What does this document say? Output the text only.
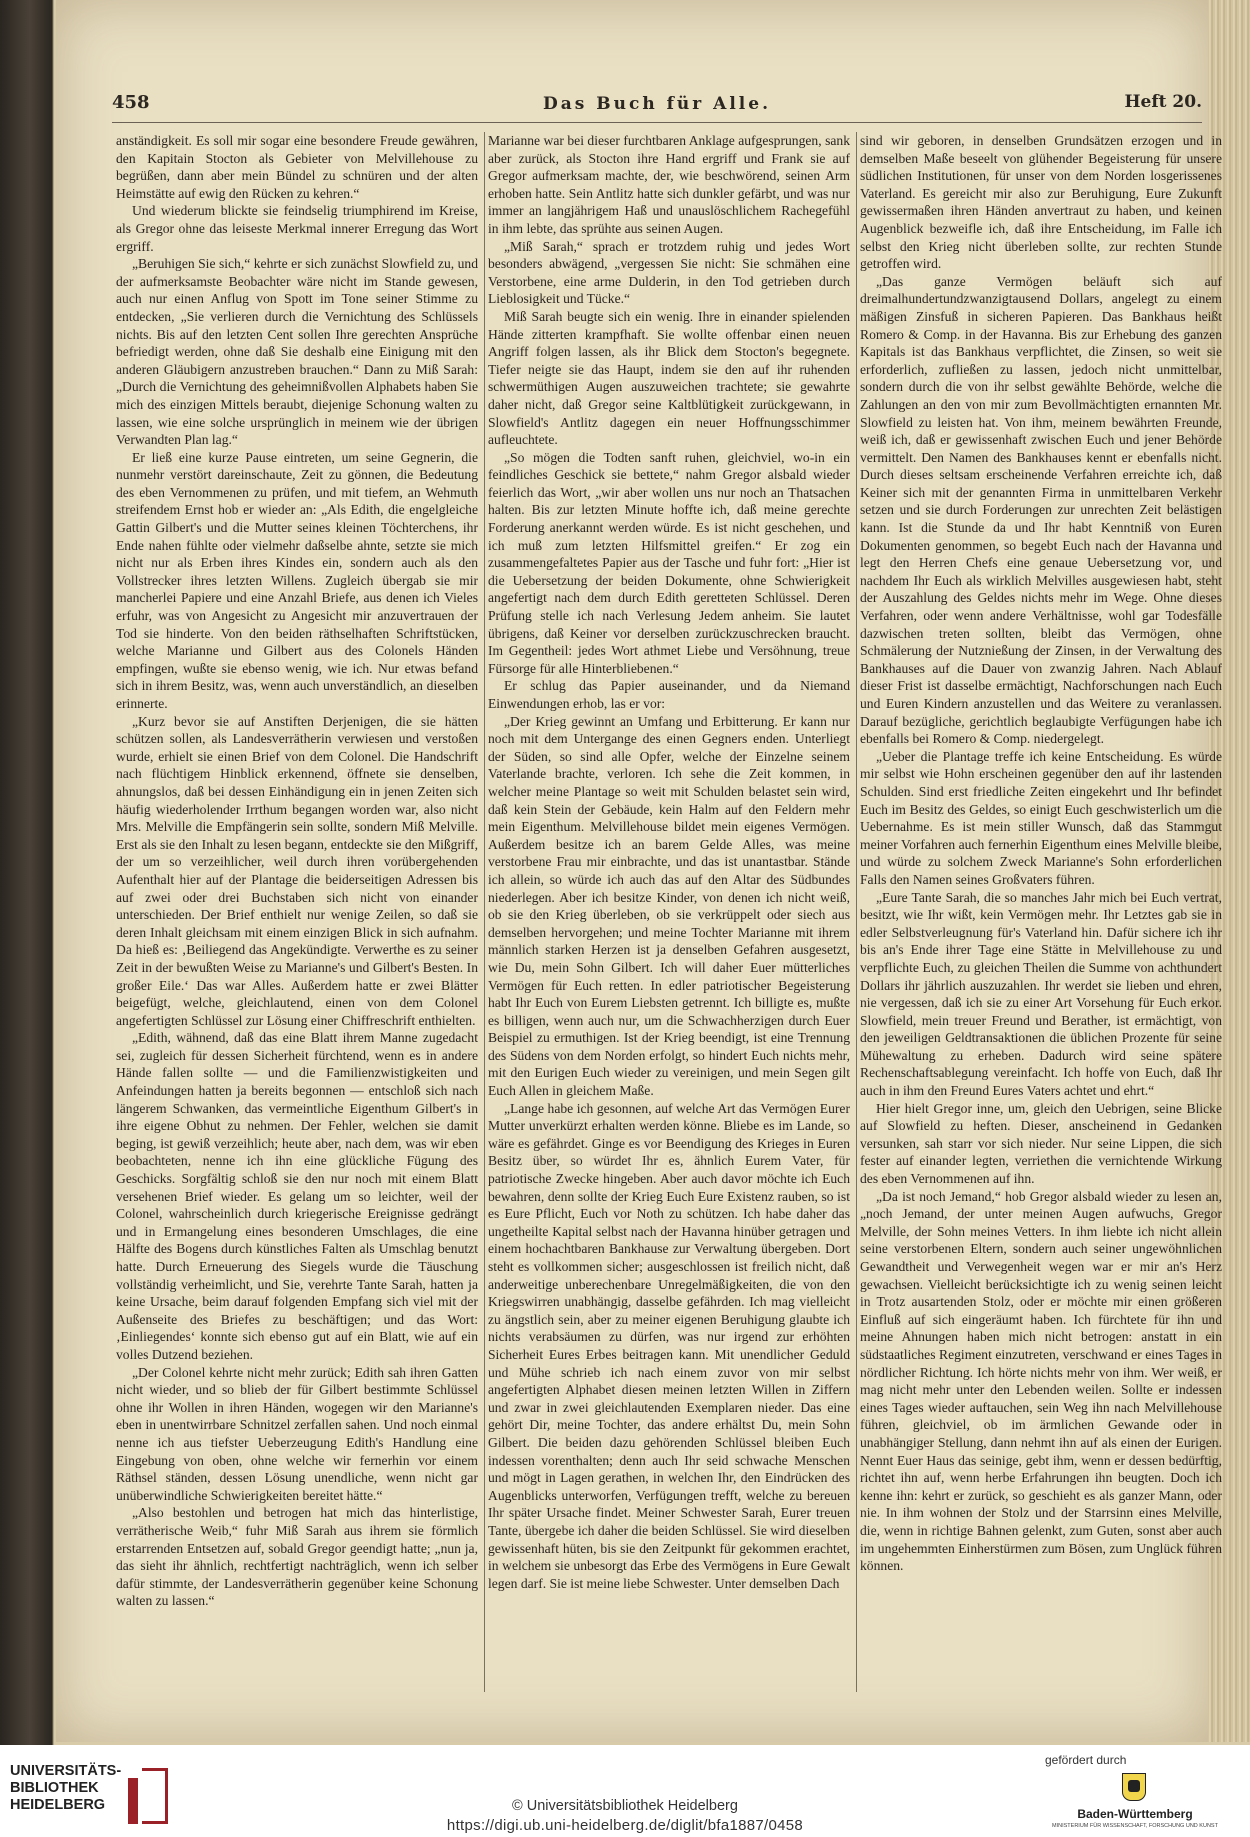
458	Das Buch für Alle.	Heft 20.

anständigkeit. Es soll mir sogar eine besondere Freude gewähren, den Kapitain Stocton als Gebieter von Melvillehouse zu begrüßen, dann aber mein Bündel zu schnüren und der alten Heimstätte auf ewig den Rücken zu kehren.“

Und wiederum blickte sie feindselig triumphirend im Kreise, als Gregor ohne das leiseste Merkmal innerer Erregung das Wort ergriff.

„Beruhigen Sie sich,“ kehrte er sich zunächst Slowfield zu, und der aufmerksamste Beobachter wäre nicht im Stande gewesen, auch nur einen Anflug von Spott im Tone seiner Stimme zu entdecken, „Sie verlieren durch die Vernichtung des Schlüssels nichts. Bis auf den letzten Cent sollen Ihre gerechten Ansprüche befriedigt werden, ohne daß Sie deshalb eine Einigung mit den anderen Gläubigern anzustreben brauchen.“ Dann zu Miß Sarah: „Durch die Vernichtung des geheimnißvollen Alphabets haben Sie mich des einzigen Mittels beraubt, diejenige Schonung walten zu lassen, wie eine solche ursprünglich in meinem wie der übrigen Verwandten Plan lag.“

Er ließ eine kurze Pause eintreten, um seine Gegnerin, die nunmehr verstört dareinschaute, Zeit zu gönnen, die Bedeutung des eben Vernommenen zu prüfen, und mit tiefem, an Wehmuth streifendem Ernst hob er wieder an: „Als Edith, die engelgleiche Gattin Gilbert's und die Mutter seines kleinen Töchterchens, ihr Ende nahen fühlte oder vielmehr daßselbe ahnte, setzte sie mich nicht nur als Erben ihres Kindes ein, sondern auch als den Vollstrecker ihres letzten Willens. Zugleich übergab sie mir mancherlei Papiere und eine Anzahl Briefe, aus denen ich Vieles erfuhr, was von Angesicht zu Angesicht mir anzuvertrauen der Tod sie hinderte. Von den beiden räthselhaften Schriftstücken, welche Marianne und Gilbert aus des Colonels Händen empfingen, wußte sie ebenso wenig, wie ich. Nur etwas befand sich in ihrem Besitz, was, wenn auch unverständlich, an dieselben erinnerte.

„Kurz bevor sie auf Anstiften Derjenigen, die sie hätten schützen sollen, als Landesverrätherin verwiesen und verstoßen wurde, erhielt sie einen Brief von dem Colonel. Die Handschrift nach flüchtigem Hinblick erkennend, öffnete sie denselben, ahnungslos, daß bei dessen Einhändigung ein in jenen Zeiten sich häufig wiederholender Irrthum begangen worden war, also nicht Mrs. Melville die Empfängerin sein sollte, sondern Miß Melville. Erst als sie den Inhalt zu lesen begann, entdeckte sie den Mißgriff, der um so verzeihlicher, weil durch ihren vorübergehenden Aufenthalt hier auf der Plantage die beiderseitigen Adressen bis auf zwei oder drei Buchstaben sich nicht von einander unterschieden. Der Brief enthielt nur wenige Zeilen, so daß sie deren Inhalt gleichsam mit einem einzigen Blick in sich aufnahm. Da hieß es: ‚Beiliegend das Angekündigte. Verwerthe es zu seiner Zeit in der bewußten Weise zu Marianne's und Gilbert's Besten. In großer Eile.‘ Das war Alles. Außerdem hatte er zwei Blätter beigefügt, welche, gleichlautend, einen von dem Colonel angefertigten Schlüssel zur Lösung einer Chiffreschrift enthielten.

„Edith, wähnend, daß das eine Blatt ihrem Manne zugedacht sei, zugleich für dessen Sicherheit fürchtend, wenn es in andere Hände fallen sollte — und die Familienzwistigkeiten und Anfeindungen hatten ja bereits begonnen — entschloß sich nach längerem Schwanken, das vermeintliche Eigenthum Gilbert's in ihre eigene Obhut zu nehmen. Der Fehler, welchen sie damit beging, ist gewiß verzeihlich; heute aber, nach dem, was wir eben beobachteten, nenne ich ihn eine glückliche Fügung des Geschicks. Sorgfältig schloß sie den nur noch mit einem Blatt versehenen Brief wieder. Es gelang um so leichter, weil der Colonel, wahrscheinlich durch kriegerische Ereignisse gedrängt und in Ermangelung eines besonderen Umschlages, die eine Hälfte des Bogens durch künstliches Falten als Umschlag benutzt hatte. Durch Erneuerung des Siegels wurde die Täuschung vollständig verheimlicht, und Sie, verehrte Tante Sarah, hatten ja keine Ursache, beim darauf folgenden Empfang sich viel mit der Außenseite des Briefes zu beschäftigen; und das Wort: ‚Einliegendes‘ konnte sich ebenso gut auf ein Blatt, wie auf ein volles Dutzend beziehen.

„Der Colonel kehrte nicht mehr zurück; Edith sah ihren Gatten nicht wieder, und so blieb der für Gilbert bestimmte Schlüssel ohne ihr Wollen in ihren Händen, wogegen wir den Marianne's eben in unentwirrbare Schnitzel zerfallen sahen. Und noch einmal nenne ich aus tiefster Ueberzeugung Edith's Handlung eine Eingebung von oben, ohne welche wir fernerhin vor einem Räthsel ständen, dessen Lösung unendliche, wenn nicht gar unüberwindliche Schwierigkeiten bereitet hätte.“

„Also bestohlen und betrogen hat mich das hinterlistige, verrätherische Weib,“ fuhr Miß Sarah aus ihrem sie förmlich erstarrenden Entsetzen auf, sobald Gregor geendigt hatte; „nun ja, das sieht ihr ähnlich, rechtfertigt nachträglich, wenn ich selber dafür stimmte, der Landesverrätherin gegenüber keine Schonung walten zu lassen.“

Marianne war bei dieser furchtbaren Anklage aufgesprungen, sank aber zurück, als Stocton ihre Hand ergriff und Frank sie auf Gregor aufmerksam machte, der, wie beschwörend, seinen Arm erhoben hatte. Sein Antlitz hatte sich dunkler gefärbt, und was nur immer an langjährigem Haß und unauslöschlichem Rachegefühl in ihm lebte, das sprühte aus seinen Augen.

„Miß Sarah,“ sprach er trotzdem ruhig und jedes Wort besonders abwägend, „vergessen Sie nicht: Sie schmähen eine Verstorbene, eine arme Dulderin, in den Tod getrieben durch Lieblosigkeit und Tücke.“

Miß Sarah beugte sich ein wenig. Ihre in einander spielenden Hände zitterten krampfhaft. Sie wollte offenbar einen neuen Angriff folgen lassen, als ihr Blick dem Stocton's begegnete. Tiefer neigte sie das Haupt, indem sie den auf ihr ruhenden schwermüthigen Augen auszuweichen trachtete; sie gewahrte daher nicht, daß Gregor seine Kaltblütigkeit zurückgewann, in Slowfield's Antlitz dagegen ein neuer Hoffnungsschimmer aufleuchtete.

„So mögen die Todten sanft ruhen, gleichviel, wo-in ein feindliches Geschick sie bettete,“ nahm Gregor alsbald wieder feierlich das Wort, „wir aber wollen uns nur noch an Thatsachen halten. Bis zur letzten Minute hoffte ich, daß meine gerechte Forderung anerkannt werden würde. Es ist nicht geschehen, und ich muß zum letzten Hilfsmittel greifen.“ Er zog ein zusammengefaltetes Papier aus der Tasche und fuhr fort: „Hier ist die Uebersetzung der beiden Dokumente, ohne Schwierigkeit angefertigt nach dem durch Edith geretteten Schlüssel. Deren Prüfung stelle ich nach Verlesung Jedem anheim. Sie lautet übrigens, daß Keiner vor derselben zurückzuschrecken braucht. Im Gegentheil: jedes Wort athmet Liebe und Versöhnung, treue Fürsorge für alle Hinterbliebenen.“

Er schlug das Papier auseinander, und da Niemand Einwendungen erhob, las er vor:

„Der Krieg gewinnt an Umfang und Erbitterung. Er kann nur noch mit dem Untergange des einen Gegners enden. Unterliegt der Süden, so sind alle Opfer, welche der Einzelne seinem Vaterlande brachte, verloren. Ich sehe die Zeit kommen, in welcher meine Plantage so weit mit Schulden belastet sein wird, daß kein Stein der Gebäude, kein Halm auf den Feldern mehr mein Eigenthum. Melvillehouse bildet mein eigenes Vermögen. Außerdem besitze ich an barem Gelde Alles, was meine verstorbene Frau mir einbrachte, und das ist unantastbar. Stände ich allein, so würde ich auch das auf den Altar des Südbundes niederlegen. Aber ich besitze Kinder, von denen ich nicht weiß, ob sie den Krieg überleben, ob sie verkrüppelt oder siech aus demselben hervorgehen; und meine Tochter Marianne mit ihrem männlich starken Herzen ist ja denselben Gefahren ausgesetzt, wie Du, mein Sohn Gilbert. Ich will daher Euer mütterliches Vermögen für Euch retten. In edler patriotischer Begeisterung habt Ihr Euch von Eurem Liebsten getrennt. Ich billigte es, mußte es billigen, wenn auch nur, um die Schwachherzigen durch Euer Beispiel zu ermuthigen. Ist der Krieg beendigt, ist eine Trennung des Südens von dem Norden erfolgt, so hindert Euch nichts mehr, mit den Eurigen Euch wieder zu vereinigen, und mein Segen gilt Euch Allen in gleichem Maße.

„Lange habe ich gesonnen, auf welche Art das Vermögen Eurer Mutter unverkürzt erhalten werden könne. Bliebe es im Lande, so wäre es gefährdet. Ginge es vor Beendigung des Krieges in Euren Besitz über, so würdet Ihr es, ähnlich Eurem Vater, für patriotische Zwecke hingeben. Aber auch davor möchte ich Euch bewahren, denn sollte der Krieg Euch Eure Existenz rauben, so ist es Eure Pflicht, Euch vor Noth zu schützen. Ich habe daher das ungetheilte Kapital selbst nach der Havanna hinüber getragen und einem hochachtbaren Bankhause zur Verwaltung übergeben. Dort steht es vollkommen sicher; ausgeschlossen ist freilich nicht, daß anderweitige unberechenbare Unregelmäßigkeiten, die von den Kriegswirren unabhängig, dasselbe gefährden. Ich mag vielleicht zu ängstlich sein, aber zu meiner eigenen Beruhigung glaubte ich nichts verabsäumen zu dürfen, was nur irgend zur erhöhten Sicherheit Eures Erbes beitragen kann. Mit unendlicher Geduld und Mühe schrieb ich nach einem zuvor von mir selbst angefertigten Alphabet diesen meinen letzten Willen in Ziffern und zwar in zwei gleichlautenden Exemplaren nieder. Das eine gehört Dir, meine Tochter, das andere erhältst Du, mein Sohn Gilbert. Die beiden dazu gehörenden Schlüssel bleiben Euch indessen vorenthalten; denn auch Ihr seid schwache Menschen und mögt in Lagen gerathen, in welchen Ihr, den Eindrücken des Augenblicks unterworfen, Verfügungen trefft, welche zu bereuen Ihr später Ursache findet. Meiner Schwester Sarah, Eurer treuen Tante, übergebe ich daher die beiden Schlüssel. Sie wird dieselben gewissenhaft hüten, bis sie den Zeitpunkt für gekommen erachtet, in welchem sie unbesorgt das Erbe des Vermögens in Eure Gewalt legen darf. Sie ist meine liebe Schwester. Unter demselben Dach

sind wir geboren, in denselben Grundsätzen erzogen und in demselben Maße beseelt von glühender Begeisterung für unsere südlichen Institutionen, für unser von dem Norden losgerissenes Vaterland. Es gereicht mir also zur Beruhigung, Eure Zukunft gewissermaßen ihren Händen anvertraut zu haben, und keinen Augenblick bezweifle ich, daß ihre Entscheidung, im Falle ich selbst den Krieg nicht überleben sollte, zur rechten Stunde getroffen wird.

„Das ganze Vermögen beläuft sich auf dreimalhundertundzwanzigtausend Dollars, angelegt zu einem mäßigen Zinsfuß in sicheren Papieren. Das Bankhaus heißt Romero & Comp. in der Havanna. Bis zur Erhebung des ganzen Kapitals ist das Bankhaus verpflichtet, die Zinsen, so weit sie erforderlich, zufließen zu lassen, jedoch nicht unmittelbar, sondern durch die von ihr selbst gewählte Behörde, welche die Zahlungen an den von mir zum Bevollmächtigten ernannten Mr. Slowfield zu leisten hat. Von ihm, meinem bewährten Freunde, weiß ich, daß er gewissenhaft zwischen Euch und jener Behörde vermittelt. Den Namen des Bankhauses kennt er ebenfalls nicht. Durch dieses seltsam erscheinende Verfahren erreichte ich, daß Keiner sich mit der genannten Firma in unmittelbaren Verkehr setzen und sie durch Forderungen zur unrechten Zeit belästigen kann. Ist die Stunde da und Ihr habt Kenntniß von Euren Dokumenten genommen, so begebt Euch nach der Havanna und legt den Herren Chefs eine genaue Uebersetzung vor, und nachdem Ihr Euch als wirklich Melvilles ausgewiesen habt, steht der Auszahlung des Geldes nichts mehr im Wege. Ohne dieses Verfahren, oder wenn andere Verhältnisse, wohl gar Todesfälle dazwischen treten sollten, bleibt das Vermögen, ohne Schmälerung der Nutznießung der Zinsen, in der Verwaltung des Bankhauses auf die Dauer von zwanzig Jahren. Nach Ablauf dieser Frist ist dasselbe ermächtigt, Nachforschungen nach Euch und Euren Kindern anzustellen und das Weitere zu veranlassen. Darauf bezügliche, gerichtlich beglaubigte Verfügungen habe ich ebenfalls bei Romero & Comp. niedergelegt.

„Ueber die Plantage treffe ich keine Entscheidung. Es würde mir selbst wie Hohn erscheinen gegenüber den auf ihr lastenden Schulden. Sind erst friedliche Zeiten eingekehrt und Ihr befindet Euch im Besitz des Geldes, so einigt Euch geschwisterlich um die Uebernahme. Es ist mein stiller Wunsch, daß das Stammgut meiner Vorfahren auch fernerhin Eigenthum eines Melville bleibe, und würde zu solchem Zweck Marianne's Sohn erforderlichen Falls den Namen seines Großvaters führen.

„Eure Tante Sarah, die so manches Jahr mich bei Euch vertrat, besitzt, wie Ihr wißt, kein Vermögen mehr. Ihr Letztes gab sie in edler Selbstverleugnung für's Vaterland hin. Dafür sichere ich ihr bis an's Ende ihrer Tage eine Stätte in Melvillehouse zu und verpflichte Euch, zu gleichen Theilen die Summe von achthundert Dollars ihr jährlich auszuzahlen. Ihr werdet sie lieben und ehren, nie vergessen, daß ich sie zu einer Art Vorsehung für Euch erkor. Slowfield, mein treuer Freund und Berather, ist ermächtigt, von den jeweiligen Geldtransaktionen die üblichen Prozente für seine Mühewaltung zu erheben. Dadurch wird seine spätere Rechenschaftsablegung vereinfacht. Ich hoffe von Euch, daß Ihr auch in ihm den Freund Eures Vaters achtet und ehrt.“

Hier hielt Gregor inne, um, gleich den Uebrigen, seine Blicke auf Slowfield zu heften. Dieser, anscheinend in Gedanken versunken, sah starr vor sich nieder. Nur seine Lippen, die sich fester auf einander legten, verriethen die vernichtende Wirkung des eben Vernommenen auf ihn.

„Da ist noch Jemand,“ hob Gregor alsbald wieder zu lesen an, „noch Jemand, der unter meinen Augen aufwuchs, Gregor Melville, der Sohn meines Vetters. In ihm liebte ich nicht allein seine verstorbenen Eltern, sondern auch seiner ungewöhnlichen Gewandtheit und Verwegenheit wegen war er mir an's Herz gewachsen. Vielleicht berücksichtigte ich zu wenig seinen leicht in Trotz ausartenden Stolz, oder er möchte mir einen größeren Einfluß auf sich eingeräumt haben. Ich fürchtete für ihn und meine Ahnungen haben mich nicht betrogen: anstatt in ein südstaatliches Regiment einzutreten, verschwand er eines Tages in nördlicher Richtung. Ich hörte nichts mehr von ihm. Wer weiß, er mag nicht mehr unter den Lebenden weilen. Sollte er indessen eines Tages wieder auftauchen, sein Weg ihn nach Melvillehouse führen, gleichviel, ob im ärmlichen Gewande oder in unabhängiger Stellung, dann nehmt ihn auf als einen der Eurigen. Nennt Euer Haus das seinige, gebt ihm, wenn er dessen bedürftig, richtet ihn auf, wenn herbe Erfahrungen ihn beugten. Doch ich kenne ihn: kehrt er zurück, so geschieht es als ganzer Mann, oder nie. In ihm wohnen der Stolz und der Starrsinn eines Melville, die, wenn in richtige Bahnen gelenkt, zum Guten, sonst aber auch im ungehemmten Einherstürmen zum Bösen, zum Unglück führen können.

UNIVERSITÄTS-
BIBLIOTHEK
HEIDELBERG	© Universitätsbibliothek Heidelberg
https://digi.ub.uni-heidelberg.de/diglit/bfa1887/0458
gefördert durch
Baden-Württemberg
MINISTERIUM FÜR WISSENSCHAFT, FORSCHUNG UND KUNST
